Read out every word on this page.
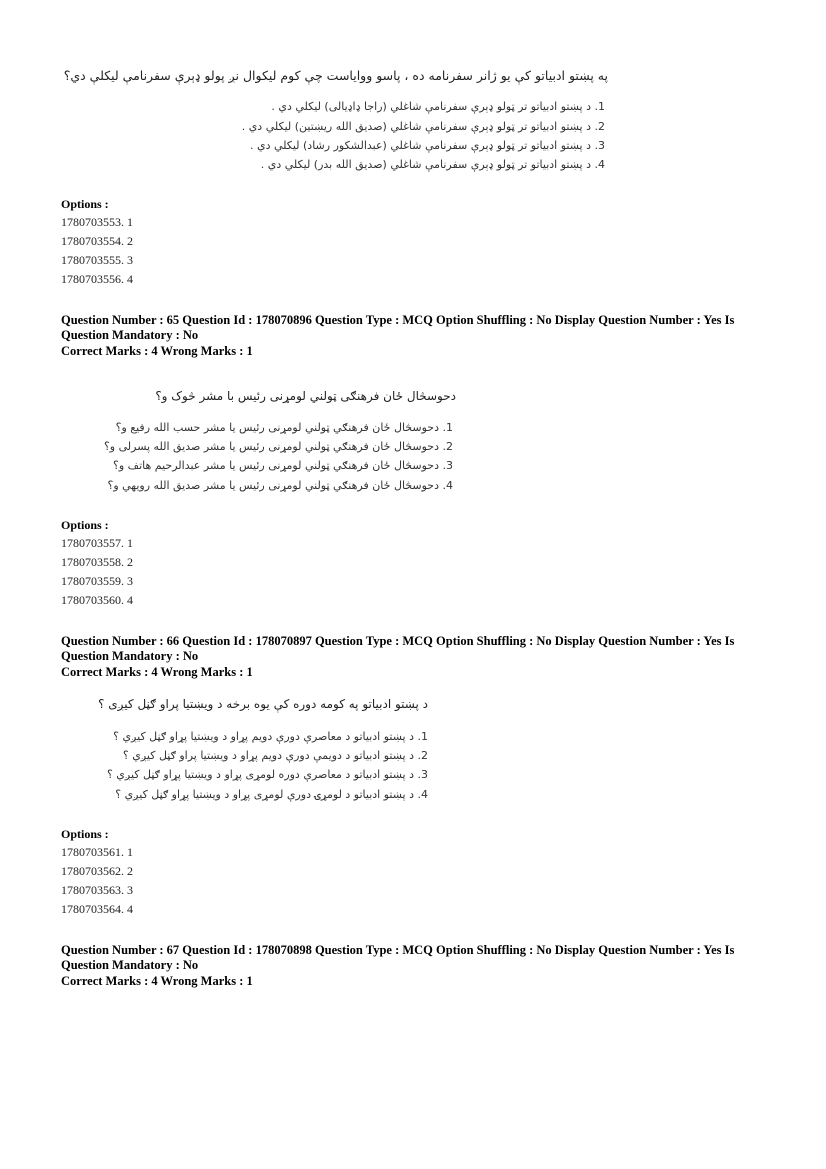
په پښتو ادبیاتو کې یو ژانر سفرنامه ده ، پاسو ووایاست چې کوم لیکوال نږ پولو ډېرې سفرنامې لیکلې دي؟
1. د پښتو ادبیاتو تر ټولو ډېرې سفرنامې شاغلي (راجا ډاډيالی) ليکلي دي .
2. د پښتو ادبیاتو تر ټولو ډېرې سفرنامې شاغلي (صديق الله ريښتين) ليکلي دي .
3. د پښتو ادبیاتو تر ټولو ډېرې سفرنامې شاغلي (عبدالشکور رشاد) ليکلي دي .
4. د پښتو ادبیاتو تر ټولو ډېرې سفرنامې شاغلي (صديق الله بدر) ليکلي دي .
Options :
1780703553. 1
1780703554. 2
1780703555. 3
1780703556. 4
Question Number : 65 Question Id : 178070896 Question Type : MCQ Option Shuffling : No Display Question Number : Yes Is Question Mandatory : No
Correct Marks : 4 Wrong Marks : 1
دحوسڅال ځان فرهنګی ټولني لومړنی رئيس با مشر څوک و؟
1. دحوسڅال ځان فرهنګي ټولني لومړنی رئيس يا مشر حسب الله رفيع و؟
2. دحوسڅال ځان فرهنګي ټولني لومړنی رئيس يا مشر صديق الله پسرلی و؟
3. دحوسڅال ځان فرهنګي ټولني لومړنی رئيس يا مشر عبدالرحيم هاتف و؟
4. دحوسڅال ځان فرهنګي ټولني لومړنی رئيس يا مشر صديق الله رويهي و؟
Options :
1780703557. 1
1780703558. 2
1780703559. 3
1780703560. 4
Question Number : 66 Question Id : 178070897 Question Type : MCQ Option Shuffling : No Display Question Number : Yes Is Question Mandatory : No
Correct Marks : 4 Wrong Marks : 1
د پښتو ادبیاتو په کومه دوره کې يوه برخه د ويښتيا پراو ګڼل کيږی ؟
1. د پښتو ادبیاتو د معاصرې دورې دويم پړاو د ويښتيا پړاو ګڼل کيږي ؟
2. د پښتو ادبیاتو د دويمې دورې دويم پړاو د ويښتيا پراو ګڼل کيږي ؟
3. د پښتو ادبیاتو د معاصرې دوره لومړی پړاو د ويښتيا پړاو ګڼل کيږي ؟
4. د پښتو ادبیاتو د لومړۍ دورې لومړی پړاو د ويښتيا پړاو ګڼل کيږي ؟
Options :
1780703561. 1
1780703562. 2
1780703563. 3
1780703564. 4
Question Number : 67 Question Id : 178070898 Question Type : MCQ Option Shuffling : No Display Question Number : Yes Is Question Mandatory : No
Correct Marks : 4 Wrong Marks : 1
